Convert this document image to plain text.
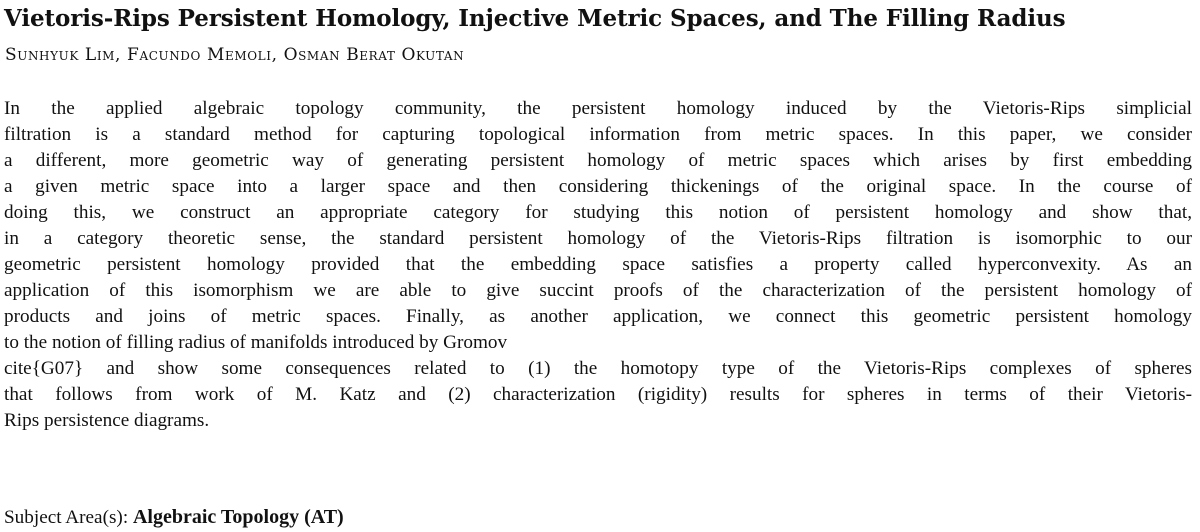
Vietoris-Rips Persistent Homology, Injective Metric Spaces, and The Filling Radius
Sunhyuk Lim, Facundo Memoli, Osman Berat Okutan
In the applied algebraic topology community, the persistent homology induced by the Vietoris-Rips simplicial
filtration is a standard method for capturing topological information from metric spaces. In this paper, we consider
a different, more geometric way of generating persistent homology of metric spaces which arises by first embedding
a given metric space into a larger space and then considering thickenings of the original space. In the course of
doing this, we construct an appropriate category for studying this notion of persistent homology and show that,
in a category theoretic sense, the standard persistent homology of the Vietoris-Rips filtration is isomorphic to our
geometric persistent homology provided that the embedding space satisfies a property called hyperconvexity. As an
application of this isomorphism we are able to give succint proofs of the characterization of the persistent homology of
products and joins of metric spaces. Finally, as another application, we connect this geometric persistent homology
to the notion of filling radius of manifolds introduced by Gromov
cite{G07} and show some consequences related to (1) the homotopy type of the Vietoris-Rips complexes of spheres
that follows from work of M. Katz and (2) characterization (rigidity) results for spheres in terms of their Vietoris-
Rips persistence diagrams.
Subject Area(s): Algebraic Topology (AT)
